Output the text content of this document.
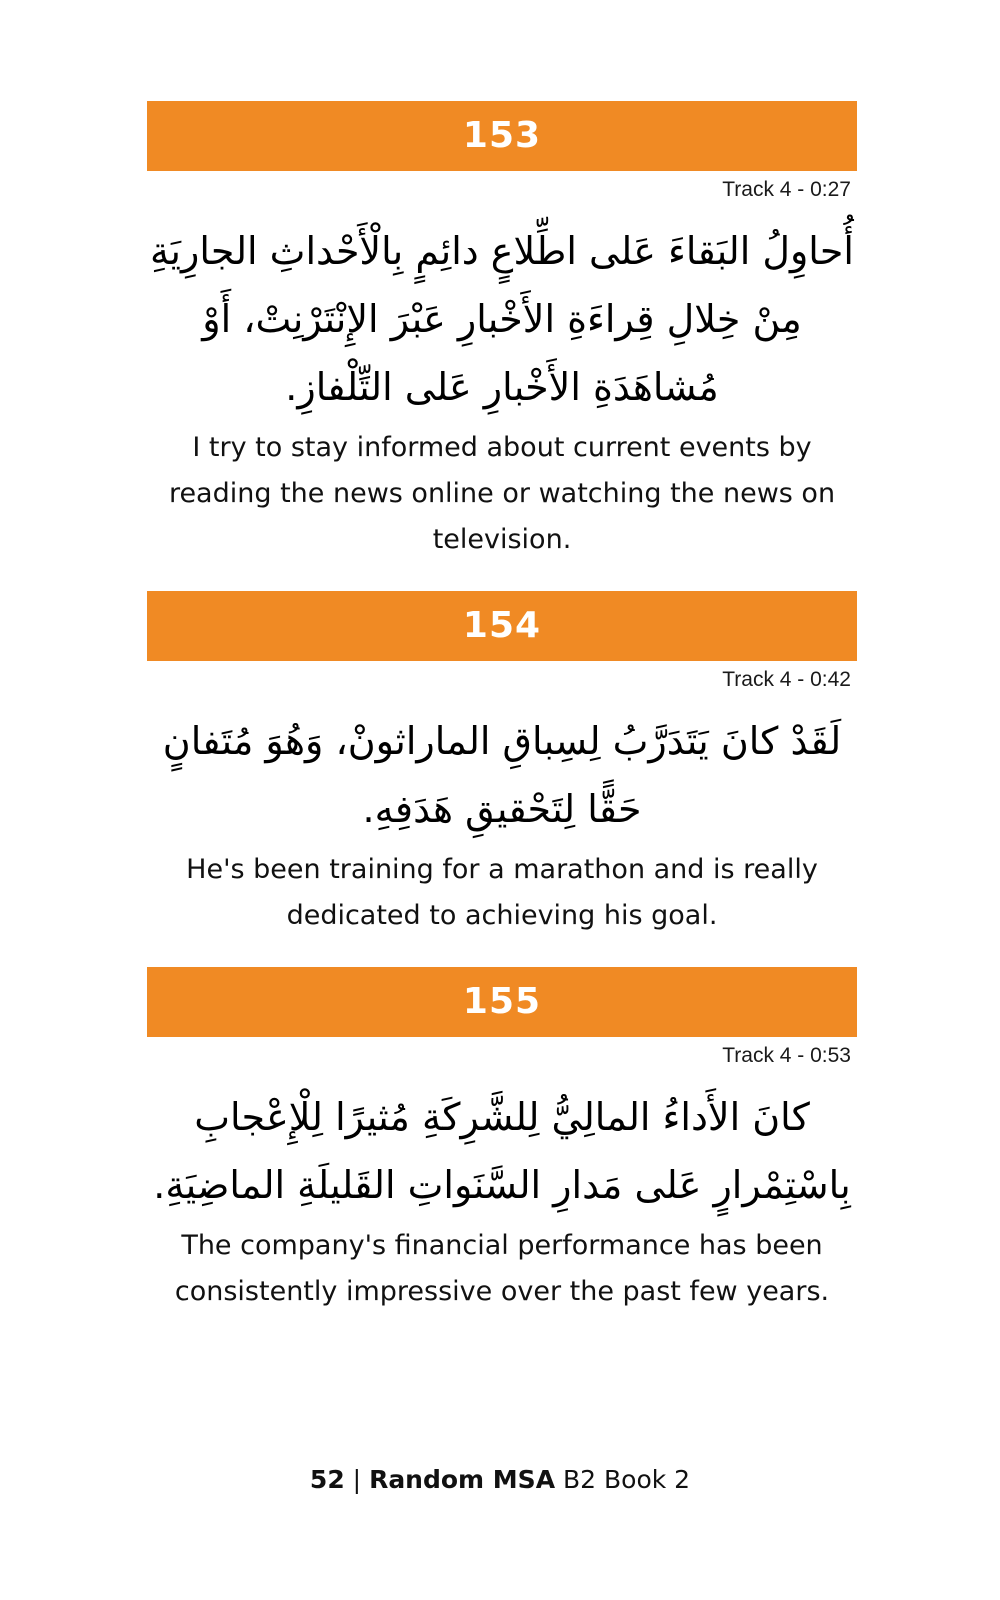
153
Track 4 - 0:27
أُحاوِلُ البَقاءَ عَلى اطِّلاعٍ دائِمٍ بِالْأَحْداثِ الجارِيَةِ مِنْ خِلالِ قِراءَةِ الأَخْبارِ عَبْرَ الإِنْتَرْنِتْ، أَوْ مُشاهَدَةِ الأَخْبارِ عَلى التِّلْفازِ.
I try to stay informed about current events by reading the news online or watching the news on television.
154
Track 4 - 0:42
لَقَدْ كانَ يَتَدَرَّبُ لِسِباقِ الماراثونْ، وَهُوَ مُتَفانٍ حَقًّا لِتَحْقيقِ هَدَفِهِ.
He's been training for a marathon and is really dedicated to achieving his goal.
155
Track 4 - 0:53
كانَ الأَداءُ المالِيُّ لِلشَّرِكَةِ مُثيرًا لِلْإِعْجابِ بِاسْتِمْرارٍ عَلى مَدارِ السَّنَواتِ القَليلَةِ الماضِيَةِ.
The company's financial performance has been consistently impressive over the past few years.
52 | Random MSA B2 Book 2
